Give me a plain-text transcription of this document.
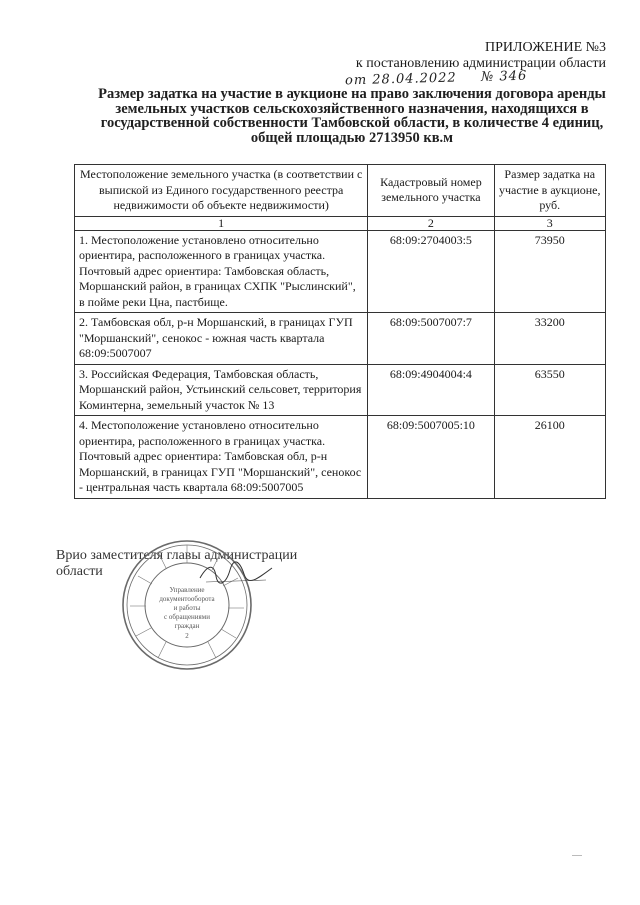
ПРИЛОЖЕНИЕ №3
к постановлению администрации области
от 28.04.2022 № 346
Размер задатка на участие в аукционе на право заключения договора аренды земельных участков сельскохозяйственного назначения, находящихся в государственной собственности Тамбовской области, в количестве 4 единиц, общей площадью 2713950 кв.м
Местоположение земельного участка (в соответствии с выпиской из Единого государственного реестра недвижимости об объекте недвижимости)	Кадастровый номер земельного участка	Размер задатка на участие в аукционе, руб.
1	2	3
1. Местоположение установлено относительно ориентира, расположенного в границах участка. Почтовый адрес ориентира: Тамбовская область, Моршанский район, в границах СХПК "Рыслинский", в пойме реки Цна, пастбище.	68:09:2704003:5	73950
2. Тамбовская обл, р-н Моршанский, в границах ГУП "Моршанский", сенокос - южная часть квартала 68:09:5007007	68:09:5007007:7	33200
3. Российская Федерация, Тамбовская область, Моршанский район, Устьинский сельсовет, территория Коминтерна, земельный участок № 13	68:09:4904004:4	63550
4. Местоположение установлено относительно ориентира, расположенного в границах участка. Почтовый адрес ориентира: Тамбовская обл, р-н Моршанский, в границах ГУП "Моршанский", сенокос - центральная часть квартала 68:09:5007005	68:09:5007005:10	26100
Врио заместителя главы администрации
области
Управление
документооборота
и работы
с обращениями
граждан
2
